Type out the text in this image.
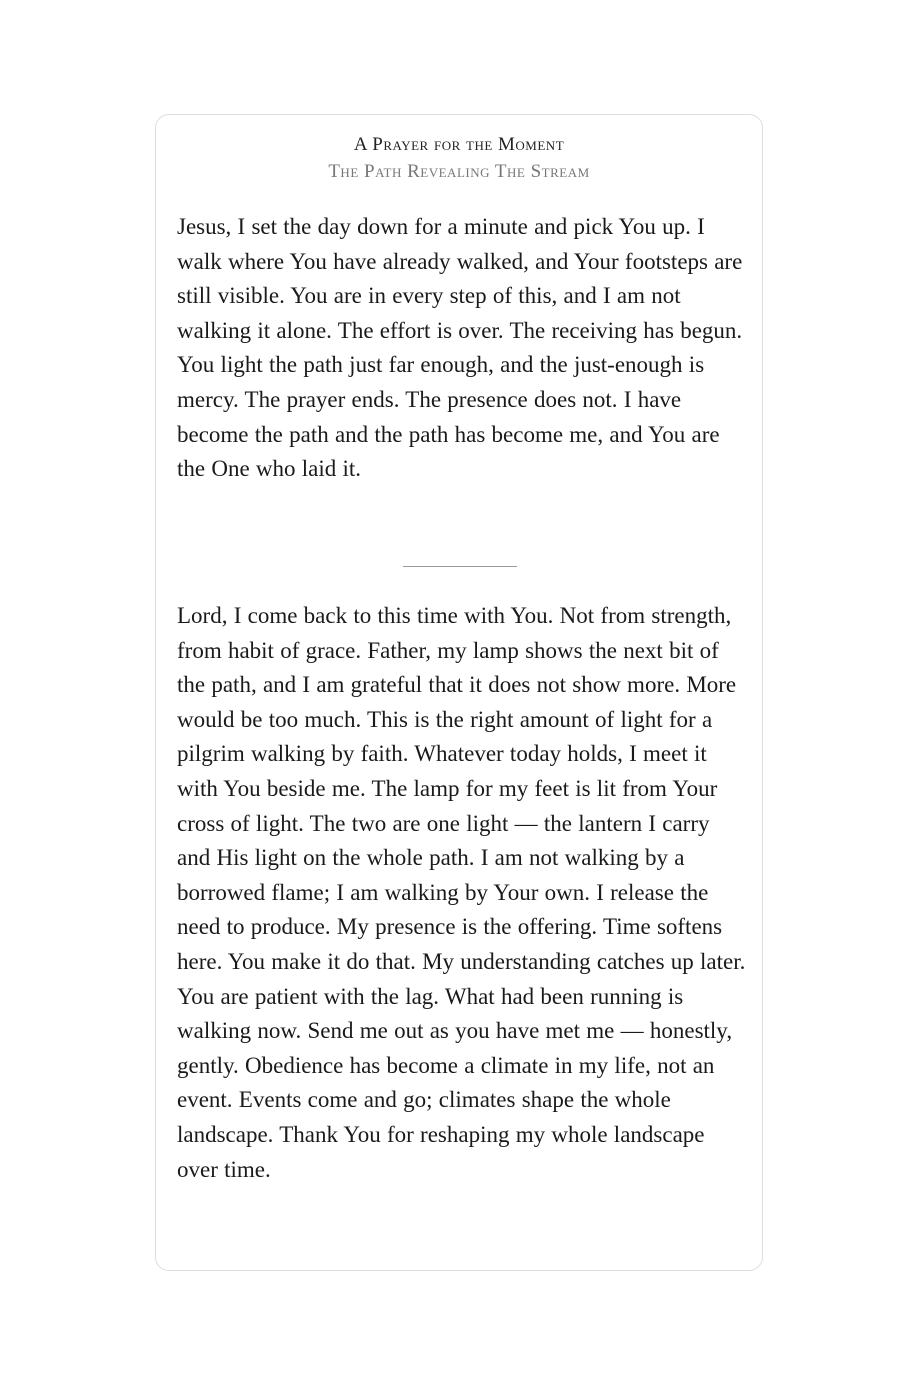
A Prayer for the Moment
The Path Revealing The Stream

Jesus, I set the day down for a minute and pick You up. I walk where You have already walked, and Your footsteps are still visible. You are in every step of this, and I am not walking it alone. The effort is over. The receiving has begun. You light the path just far enough, and the just-enough is mercy. The prayer ends. The presence does not. I have become the path and the path has become me, and You are the One who laid it.

Lord, I come back to this time with You. Not from strength, from habit of grace. Father, my lamp shows the next bit of the path, and I am grateful that it does not show more. More would be too much. This is the right amount of light for a pilgrim walking by faith. Whatever today holds, I meet it with You beside me. The lamp for my feet is lit from Your cross of light. The two are one light — the lantern I carry and His light on the whole path. I am not walking by a borrowed flame; I am walking by Your own. I release the need to produce. My presence is the offering. Time softens here. You make it do that. My understanding catches up later. You are patient with the lag. What had been running is walking now. Send me out as you have met me — honestly, gently. Obedience has become a climate in my life, not an event. Events come and go; climates shape the whole landscape. Thank You for reshaping my whole landscape over time.
